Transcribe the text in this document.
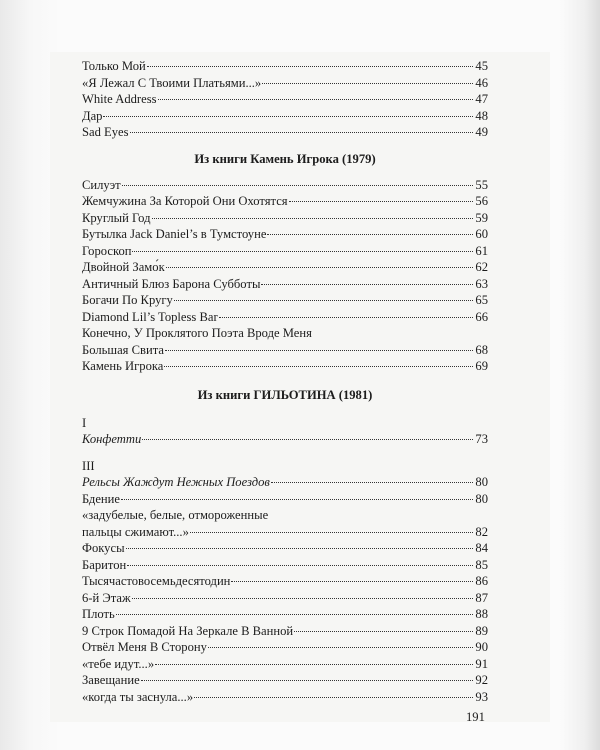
Только Мой	45
«Я Лежал С Твоими Платьями...»	46
White Address	47
Дар	48
Sad Eyes	49
Из книги Камень Игрока (1979)
Силуэт	55
Жемчужина За Которой Они Охотятся	56
Круглый Год	59
Бутылка Jack Daniel’s в Тумстоуне	60
Гороскоп	61
Двойной Замо́к	62
Античный Блюз Барона Субботы	63
Богачи По Кругу	65
Diamond Lil’s Topless Bar	66
Конечно, У Проклятого Поэта Вроде Меня
Большая Свита	68
Камень Игрока	69
Из книги ГИЛЬОТИНА (1981)
I
Конфетти	73
III
Рельсы Жаждут Нежных Поездов	80
Бдение	80
«задубелые, белые, отмороженные
пальцы сжимают...»	82
Фокусы	84
Баритон	85
Тысячастовосемьдесятодин	86
6-й Этаж	87
Плоть	88
9 Строк Помадой На Зеркале В Ванной	89
Отвёл Меня В Сторону	90
«тебе идут...»	91
Завещание	92
«когда ты заснула...»	93
191
